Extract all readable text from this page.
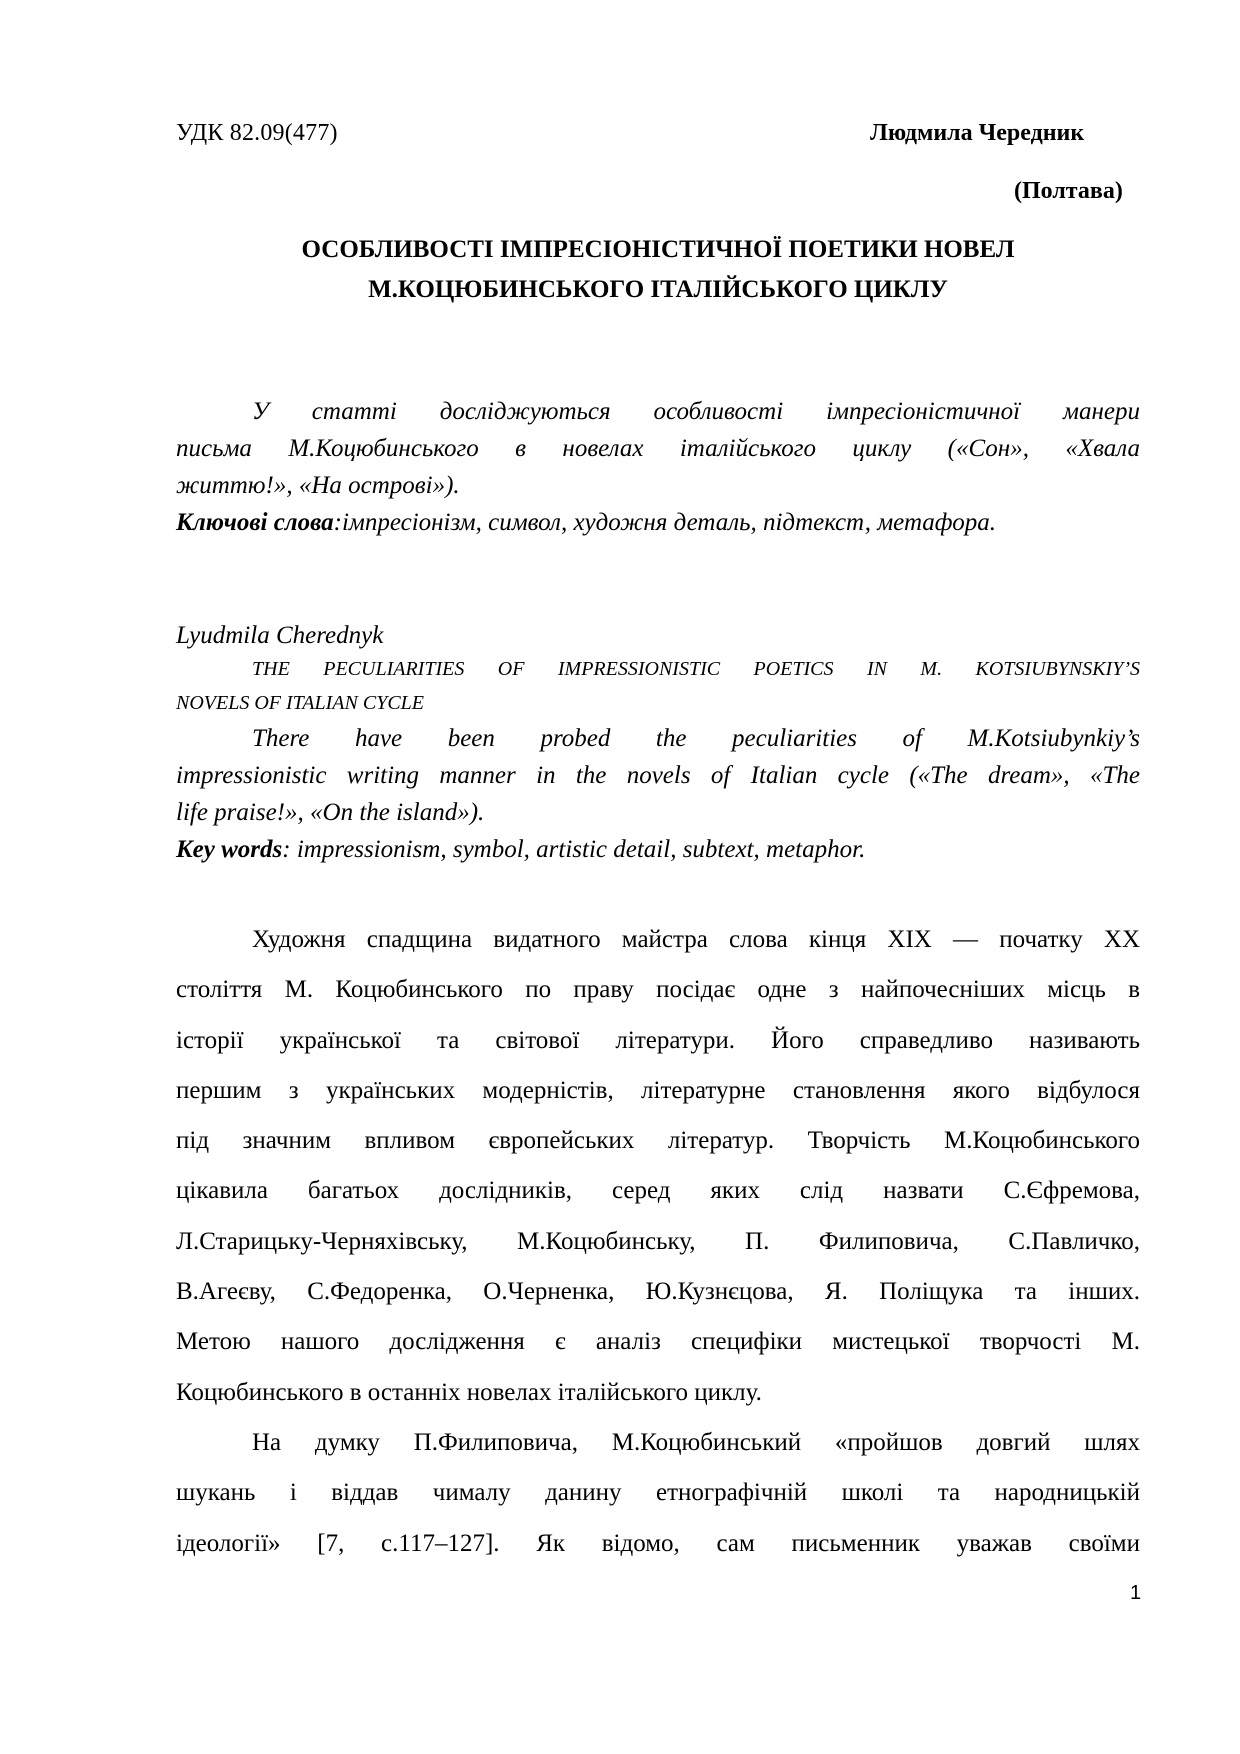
УДК 82.09(477)	Людмила Чередник
(Полтава)
ОСОБЛИВОСТІ ІМПРЕСІОНІСТИЧНОЇ ПОЕТИКИ НОВЕЛ
М.КОЦЮБИНСЬКОГО ІТАЛІЙСЬКОГО ЦИКЛУ
У статті досліджуються особливості імпресіоністичної манери
письма М.Коцюбинського в новелах італійського циклу («Сон», «Хвала
життю!», «На острові»).
Ключові слова:імпресіонізм, символ, художня деталь, підтекст, метафора.
Lyudmila Cherednyk
THE PECULIARITIES OF IMPRESSIONISTIC POETICS IN M. KOTSIUBYNSKIY’S
NOVELS OF ITALIAN CYCLE
There have been probed the peculiarities of M.Kotsiubynkiy’s
impressionistic writing manner in the novels of Italian cycle («The dream», «The
life praise!», «On the island»).
Key words: impressionism, symbol, artistic detail, subtext, metaphor.
Художня спадщина видатного майстра слова кінця XIX — початку XX
століття М. Коцюбинського по праву посідає одне з найпочесніших місць в
історії української та світової літератури. Його справедливо називають
першим з українських модерністів, літературне становлення якого відбулося
під значним впливом європейських літератур. Творчість М.Коцюбинського
цікавила багатьох дослідників, серед яких слід назвати С.Єфремова,
Л.Старицьку-Черняхівську, М.Коцюбинську, П. Филиповича, С.Павличко,
В.Агеєву, С.Федоренка, О.Черненка, Ю.Кузнєцова, Я. Поліщука та інших.
Метою нашого дослідження є аналіз специфіки мистецької творчості М.
Коцюбинського в останніх новелах італійського циклу.
На думку П.Филиповича, М.Коцюбинський «пройшов довгий шлях
шукань і віддав чималу данину етнографічній школі та народницькій
ідеології» [7, с.117–127]. Як відомо, сам письменник уважав своїми
1
